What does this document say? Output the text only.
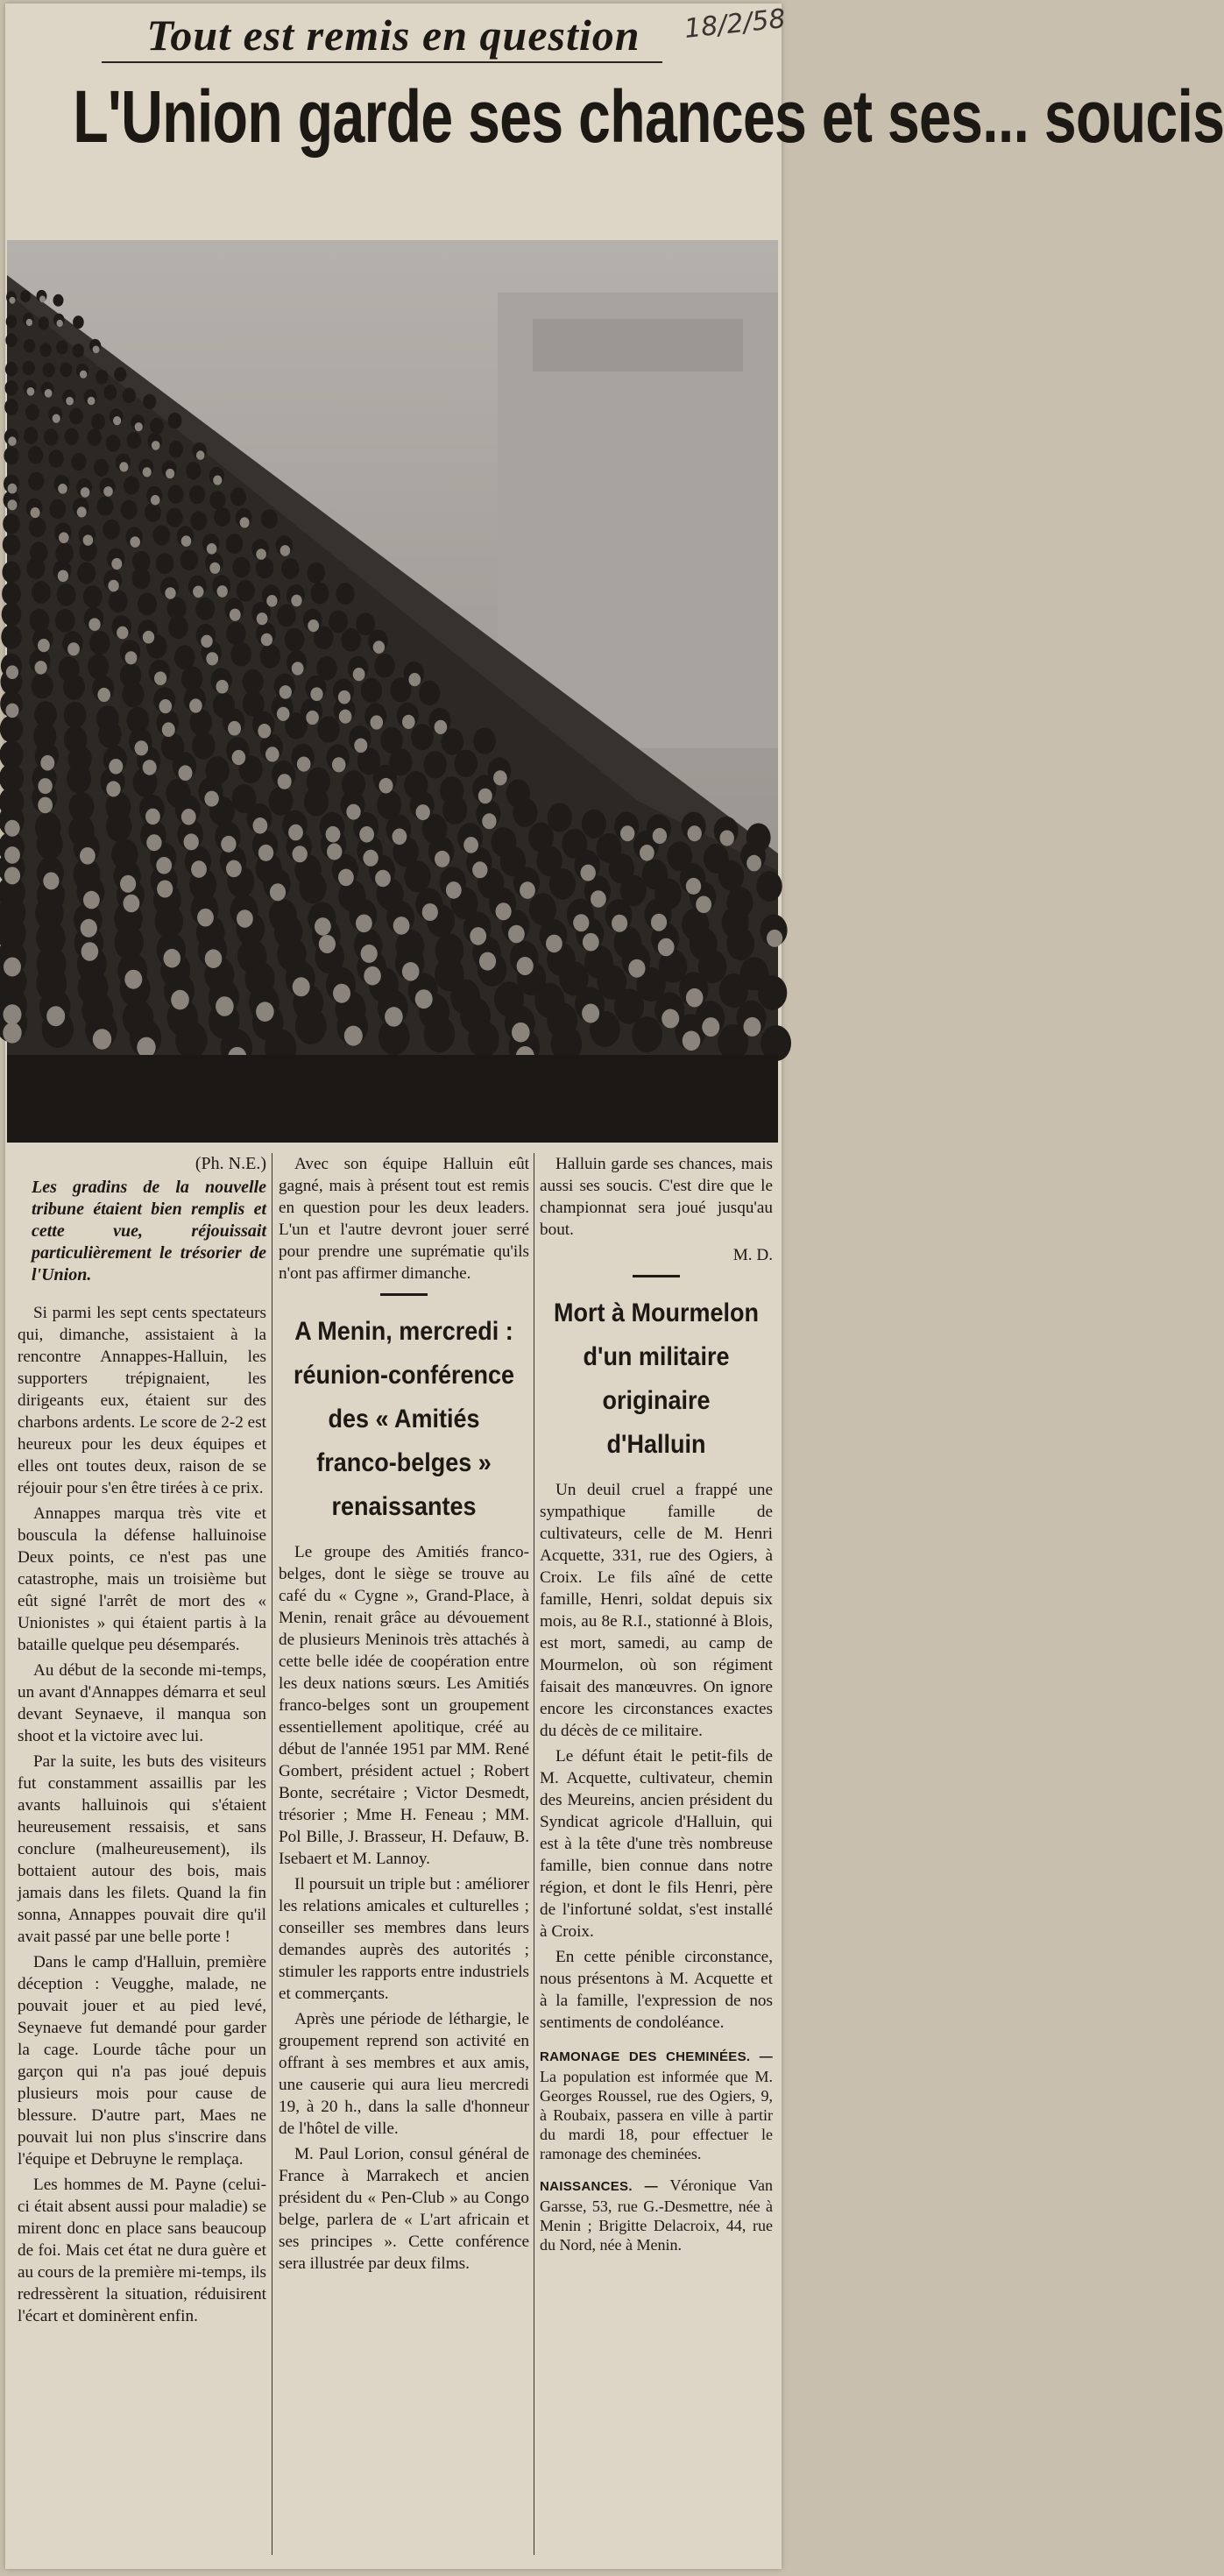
Tout est remis en question	18/2/58
L'Union garde ses chances et ses... soucis
(Ph. N.E.)
Les gradins de la nouvelle tribune étaient bien remplis et cette vue, réjouissait particulièrement le trésorier de l'Union.

Si parmi les sept cents spectateurs qui, dimanche, assistaient à la rencontre Annappes-Halluin, les supporters trépignaient, les dirigeants eux, étaient sur des charbons ardents. Le score de 2-2 est heureux pour les deux équipes et elles ont toutes deux, raison de se réjouir pour s'en être tirées à ce prix.

Annappes marqua très vite et bouscula la défense halluinoise Deux points, ce n'est pas une catastrophe, mais un troisième but eût signé l'arrêt de mort des « Unionistes » qui étaient partis à la bataille quelque peu désemparés.

Au début de la seconde mi-temps, un avant d'Annappes démarra et seul devant Seynaeve, il manqua son shoot et la victoire avec lui.

Par la suite, les buts des visiteurs fut constamment assaillis par les avants halluinois qui s'étaient heureusement ressaisis, et sans conclure (malheureusement), ils bottaient autour des bois, mais jamais dans les filets. Quand la fin sonna, Annappes pouvait dire qu'il avait passé par une belle porte !

Dans le camp d'Halluin, première déception : Veugghe, malade, ne pouvait jouer et au pied levé, Seynaeve fut demandé pour garder la cage. Lourde tâche pour un garçon qui n'a pas joué depuis plusieurs mois pour cause de blessure. D'autre part, Maes ne pouvait lui non plus s'inscrire dans l'équipe et Debruyne le remplaça.

Les hommes de M. Payne (celui-ci était absent aussi pour maladie) se mirent donc en place sans beaucoup de foi. Mais cet état ne dura guère et au cours de la première mi-temps, ils redressèrent la situation, réduisirent l'écart et dominèrent enfin.

Avec son équipe Halluin eût gagné, mais à présent tout est remis en question pour les deux leaders. L'un et l'autre devront jouer serré pour prendre une suprématie qu'ils n'ont pas affirmer dimanche.

A Menin, mercredi : réunion-conférence des « Amitiés franco-belges » renaissantes

Le groupe des Amitiés franco-belges, dont le siège se trouve au café du « Cygne », Grand-Place, à Menin, renait grâce au dévouement de plusieurs Meninois très attachés à cette belle idée de coopération entre les deux nations sœurs. Les Amitiés franco-belges sont un groupement essentiellement apolitique, créé au début de l'année 1951 par MM. René Gombert, président actuel ; Robert Bonte, secrétaire ; Victor Desmedt, trésorier ; Mme H. Feneau ; MM. Pol Bille, J. Brasseur, H. Defauw, B. Isebaert et M. Lannoy.

Il poursuit un triple but : améliorer les relations amicales et culturelles ; conseiller ses membres dans leurs demandes auprès des autorités ; stimuler les rapports entre industriels et commerçants.

Après une période de léthargie, le groupement reprend son activité en offrant à ses membres et aux amis, une causerie qui aura lieu mercredi 19, à 20 h., dans la salle d'honneur de l'hôtel de ville.

M. Paul Lorion, consul général de France à Marrakech et ancien président du « Pen-Club » au Congo belge, parlera de « L'art africain et ses principes ». Cette conférence sera illustrée par deux films.

Halluin garde ses chances, mais aussi ses soucis. C'est dire que le championnat sera joué jusqu'au bout.

M. D.
Mort à Mourmelon d'un militaire originaire d'Halluin

Un deuil cruel a frappé une sympathique famille de cultivateurs, celle de M. Henri Acquette, 331, rue des Ogiers, à Croix. Le fils aîné de cette famille, Henri, soldat depuis six mois, au 8e R.I., stationné à Blois, est mort, samedi, au camp de Mourmelon, où son régiment faisait des manœuvres. On ignore encore les circonstances exactes du décès de ce militaire.

Le défunt était le petit-fils de M. Acquette, cultivateur, chemin des Meureins, ancien président du Syndicat agricole d'Halluin, qui est à la tête d'une très nombreuse famille, bien connue dans notre région, et dont le fils Henri, père de l'infortuné soldat, s'est installé à Croix.

En cette pénible circonstance, nous présentons à M. Acquette et à la famille, l'expression de nos sentiments de condoléance.

RAMONAGE DES CHEMINÉES. — La population est informée que M. Georges Roussel, rue des Ogiers, 9, à Roubaix, passera en ville à partir du mardi 18, pour effectuer le ramonage des cheminées.
NAISSANCES. — Véronique Van Garsse, 53, rue G.-Desmettre, née à Menin ; Brigitte Delacroix, 44, rue du Nord, née à Menin.
